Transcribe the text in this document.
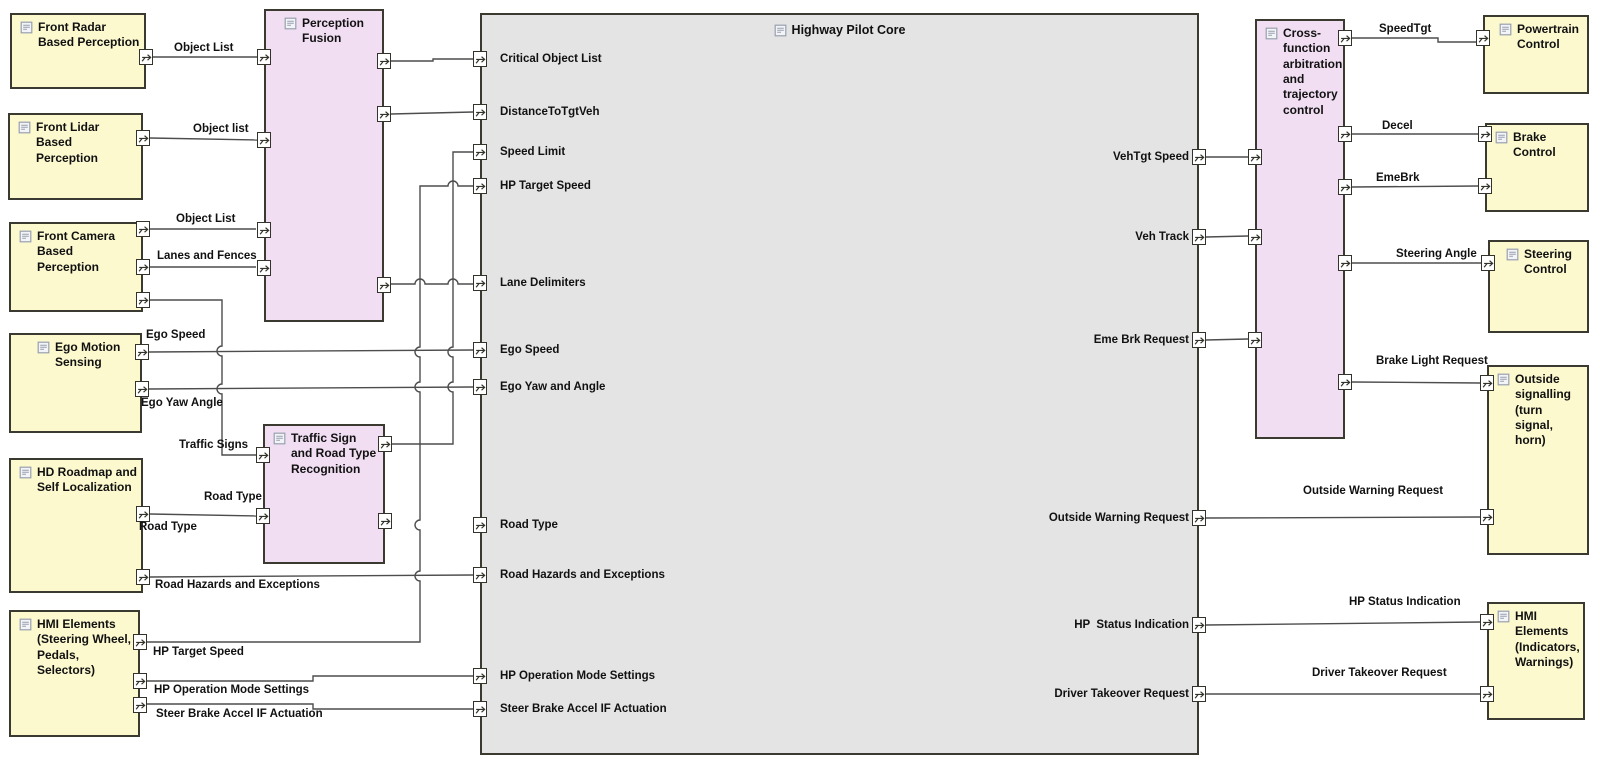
Front Radar Based Perception
Front Lidar Based Perception
Front Camera Based Perception
Ego Motion Sensing
HD Roadmap and Self Localization
HMI Elements (Steering Wheel, Pedals, Selectors)
Perception Fusion
Traffic Sign and Road Type Recognition
Cross-function arbitration and trajectory control
Powertrain Control
Brake Control
Steering Control
Outside signalling (turn signal, horn)
HMI Elements (Indicators, Warnings)
Highway Pilot Core
Critical Object List
DistanceToTgtVeh
Speed Limit
HP Target Speed
Lane Delimiters
Ego Speed
Ego Yaw and Angle
Road Type
Road Hazards and Exceptions
HP Operation Mode Settings
Steer Brake Accel IF Actuation
VehTgt Speed
Veh Track
Eme Brk Request
Outside Warning Request
HP  Status Indication
Driver Takeover Request
Object List
Object list
Object List
Lanes and Fences
Traffic Signs
Ego Speed
Ego Yaw Angle
Road Type
Road Hazards and Exceptions
HP Target Speed
HP Operation Mode Settings
Steer Brake Accel IF Actuation
SpeedTgt
Decel
EmeBrk
Steering Angle
Brake Light Request
Outside Warning Request
HP Status Indication
Driver Takeover Request
Road Type
